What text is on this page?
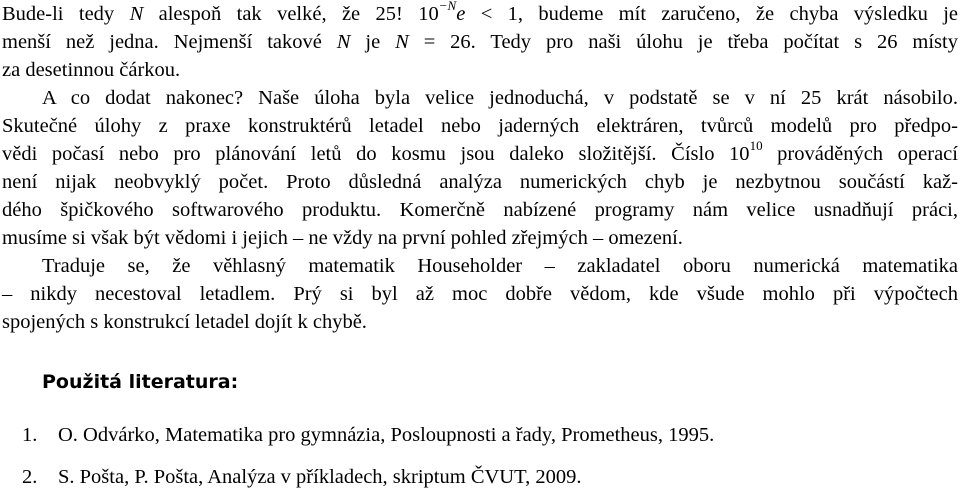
Bude-li tedy N alespoň tak velké, že 25! $10^{-N}e < 1$, budeme mít zaručeno, že chyba výsledku je
menší než jedna. Nejmenší takové N je N = 26. Tedy pro naši úlohu je třeba počítat s 26 místy
za desetinnou čárkou.
A co dodat nakonec? Naše úloha byla velice jednoduchá, v podstatě se v ní 25 krát násobilo.
Skutečné úlohy z praxe konstruktérů letadel nebo jaderných elektráren, tvůrců modelů pro předpo-
vědi počasí nebo pro plánování letů do kosmu jsou daleko složitější. Číslo $10^{10}$ prováděných operací
není nijak neobvyklý počet. Proto důsledná analýza numerických chyb je nezbytnou součástí kaž-
dého špičkového softwarového produktu. Komerčně nabízené programy nám velice usnadňují práci,
musíme si však být vědomi i jejich – ne vždy na první pohled zřejmých – omezení.
Traduje se, že věhlasný matematik Householder – zakladatel oboru numerická matematika
– nikdy necestoval letadlem. Prý si byl až moc dobře vědom, kde všude mohlo při výpočtech
spojených s konstrukcí letadel dojít k chybě.
Použitá literatura:
1. O. Odvárko, Matematika pro gymnázia, Posloupnosti a řady, Prometheus, 1995.
2. S. Pošta, P. Pošta, Analýza v příkladech, skriptum ČVUT, 2009.
